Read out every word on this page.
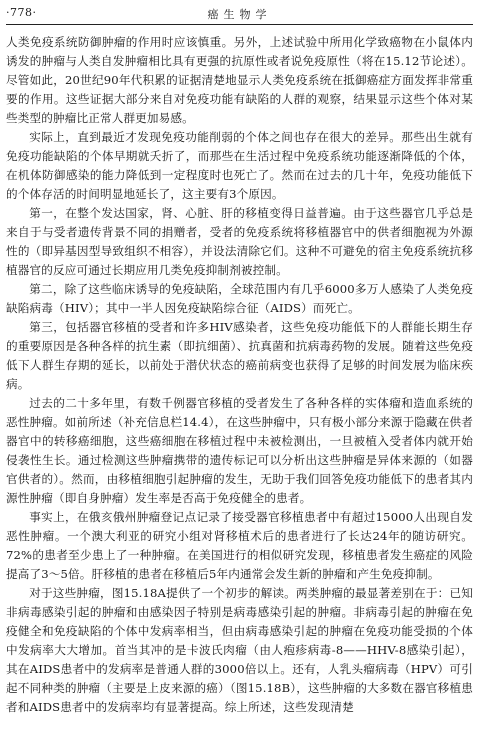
·778·	癌生物学

人类免疫系统防御肿瘤的作用时应该慎重。另外，上述试验中所用化学致癌物在小鼠体内诱发的肿瘤与人类自发肿瘤相比具有更强的抗原性或者说免疫原性（将在15.12节论述）。尽管如此，20世纪90年代积累的证据清楚地显示人类免疫系统在抵御癌症方面发挥非常重要的作用。这些证据大部分来自对免疫功能有缺陷的人群的观察，结果显示这些个体对某些类型的肿瘤比正常人群更加易感。

实际上，直到最近才发现免疫功能削弱的个体之间也存在很大的差异。那些出生就有免疫功能缺陷的个体早期就夭折了，而那些在生活过程中免疫系统功能逐渐降低的个体，在机体防御感染的能力降低到一定程度时也死亡了。然而在过去的几十年，免疫功能低下的个体存活的时间明显地延长了，这主要有3个原因。

第一，在整个发达国家，肾、心脏、肝的移植变得日益普遍。由于这些器官几乎总是来自于与受者遗传背景不同的捐赠者，受者的免疫系统将移植器官中的供者细胞视为外源性的（即异基因型导致组织不相容），并设法清除它们。这种不可避免的宿主免疫系统抗移植器官的反应可通过长期应用几类免疫抑制剂被控制。

第二，除了这些临床诱导的免疫缺陷，全球范围内有几乎6000多万人感染了人类免疫缺陷病毒（HIV）；其中一半人因免疫缺陷综合征（AIDS）而死亡。

第三，包括器官移植的受者和许多HIV感染者，这些免疫功能低下的人群能长期生存的重要原因是各种各样的抗生素（即抗细菌）、抗真菌和抗病毒药物的发展。随着这些免疫低下人群生存期的延长，以前处于潜伏状态的癌前病变也获得了足够的时间发展为临床疾病。

过去的二十多年里，有数千例器官移植的受者发生了各种各样的实体瘤和造血系统的恶性肿瘤。如前所述（补充信息栏14.4），在这些肿瘤中，只有极小部分来源于隐藏在供者器官中的转移癌细胞，这些癌细胞在移植过程中未被检测出，一旦被植入受者体内就开始侵袭性生长。通过检测这些肿瘤携带的遗传标记可以分析出这些肿瘤是异体来源的（如器官供者的）。然而，由移植细胞引起肿瘤的发生，无助于我们回答免疫功能低下的患者其内源性肿瘤（即自身肿瘤）发生率是否高于免疫健全的患者。

事实上，在俄亥俄州肿瘤登记点记录了接受器官移植患者中有超过15000人出现自发恶性肿瘤。一个澳大利亚的研究小组对肾移植术后的患者进行了长达24年的随访研究。72%的患者至少患上了一种肿瘤。在美国进行的相似研究发现，移植患者发生癌症的风险提高了3～5倍。肝移植的患者在移植后5年内通常会发生新的肿瘤和产生免疫抑制。

对于这些肿瘤，图15.18A提供了一个初步的解读。两类肿瘤的最显著差别在于：已知非病毒感染引起的肿瘤和由感染因子特别是病毒感染引起的肿瘤。非病毒引起的肿瘤在免疫健全和免疫缺陷的个体中发病率相当，但由病毒感染引起的肿瘤在免疫功能受损的个体中发病率大大增加。首当其冲的是卡波氏肉瘤（由人疱疹病毒-8——HHV-8感染引起），其在AIDS患者中的发病率是普通人群的3000倍以上。还有，人乳头瘤病毒（HPV）可引起不同种类的肿瘤（主要是上皮来源的癌）（图15.18B），这些肿瘤的大多数在器官移植患者和AIDS患者中的发病率均有显著提高。综上所述，这些发现清楚
